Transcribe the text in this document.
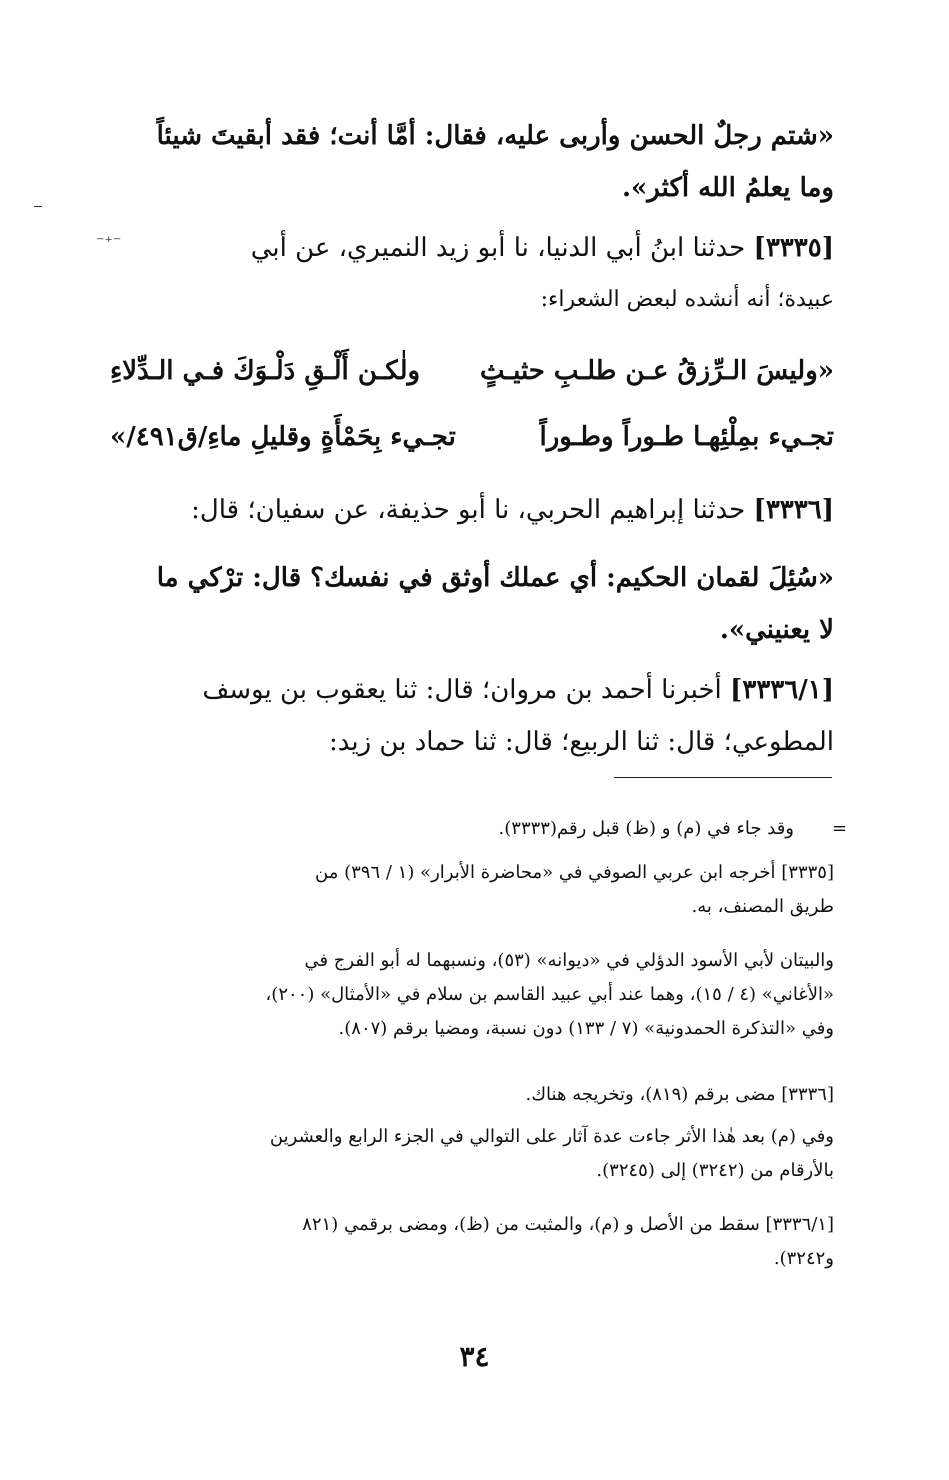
«شتم رجلٌ الحسن وأربى عليه، فقال: أمَّا أنت؛ فقد أبقيتَ شيئاً
وما يعلمُ الله أكثر».

[٣٣٣٥] حدثنا ابنُ أبي الدنيا، نا أبو زيد النميري، عن أبي
عبيدة؛ أنه أنشده لبعض الشعراء:

⁻⁺⁻
«وليسَ الـرِّزقُ عـن طلـبِ حثيـثٍ
ولٰكـن أَلْـقِ دَلْـوَكَ فـي الـدِّلاءِ
تجـيء بمِلْئِهـا طـوراً وطـوراً
تجـيء بِحَمْأَةٍ وقليلِ ماءِ/ق٤٩١/»

[٣٣٣٦] حدثنا إبراهيم الحربي، نا أبو حذيفة، عن سفيان؛ قال:

«سُئِلَ لقمان الحكيم: أي عملك أوثق في نفسك؟ قال: ترْكي ما
لا يعنيني».

[٣٣٣٦/١] أخبرنا أحمد بن مروان؛ قال: ثنا يعقوب بن يوسف
المطوعي؛ قال: ثنا الربيع؛ قال: ثنا حماد بن زيد:

=

وقد جاء في (م) و (ظ) قبل رقم(٣٣٣٣).

[٣٣٣٥] أخرجه ابن عربي الصوفي في «محاضرة الأبرار» (١ / ٣٩٦) من
طريق المصنف، به.

والبيتان لأبي الأسود الدؤلي في «ديوانه» (٥٣)، ونسبهما له أبو الفرج في
«الأغاني» (٤ / ١٥)، وهما عند أبي عبيد القاسم بن سلام في «الأمثال» (٢٠٠)،
وفي «التذكرة الحمدونية» (٧ / ١٣٣) دون نسبة، ومضيا برقم (٨٠٧).

[٣٣٣٦] مضى برقم (٨١٩)، وتخريجه هناك.

وفي (م) بعد هٰذا الأثر جاءت عدة آثار على التوالي في الجزء الرابع والعشرين
بالأرقام من (٣٢٤٢) إلى (٣٢٤٥).

[٣٣٣٦/١] سقط من الأصل و (م)، والمثبت من (ظ)، ومضى برقمي (٨٢١
و٣٢٤٢).

٣٤
